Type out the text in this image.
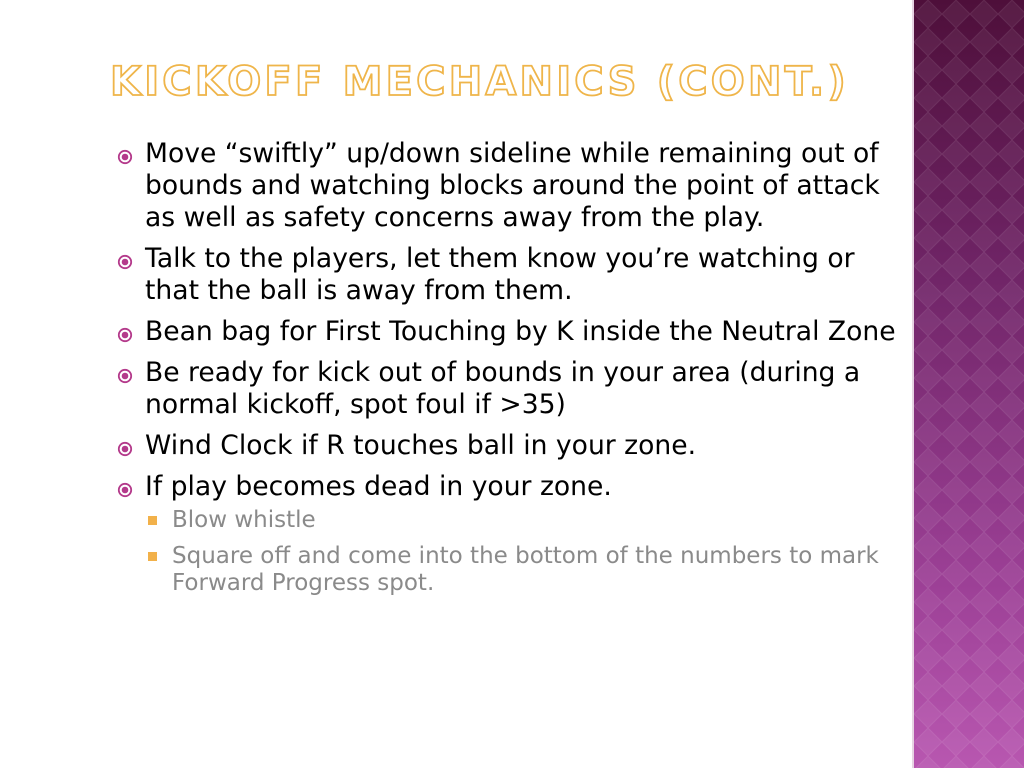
KICKOFF MECHANICS (CONT.)
Move “swiftly” up/down sideline while remaining out of bounds and watching blocks around the point of attack as well as safety concerns away from the play.
Talk to the players, let them know you’re watching or that the ball is away from them.
Bean bag for First Touching by K inside the Neutral Zone
Be ready for kick out of bounds in your area (during a normal kickoff, spot foul if >35)
Wind Clock if R touches ball in your zone.
If play becomes dead in your zone.
Blow whistle
Square off and come into the bottom of the numbers to mark Forward Progress spot.
